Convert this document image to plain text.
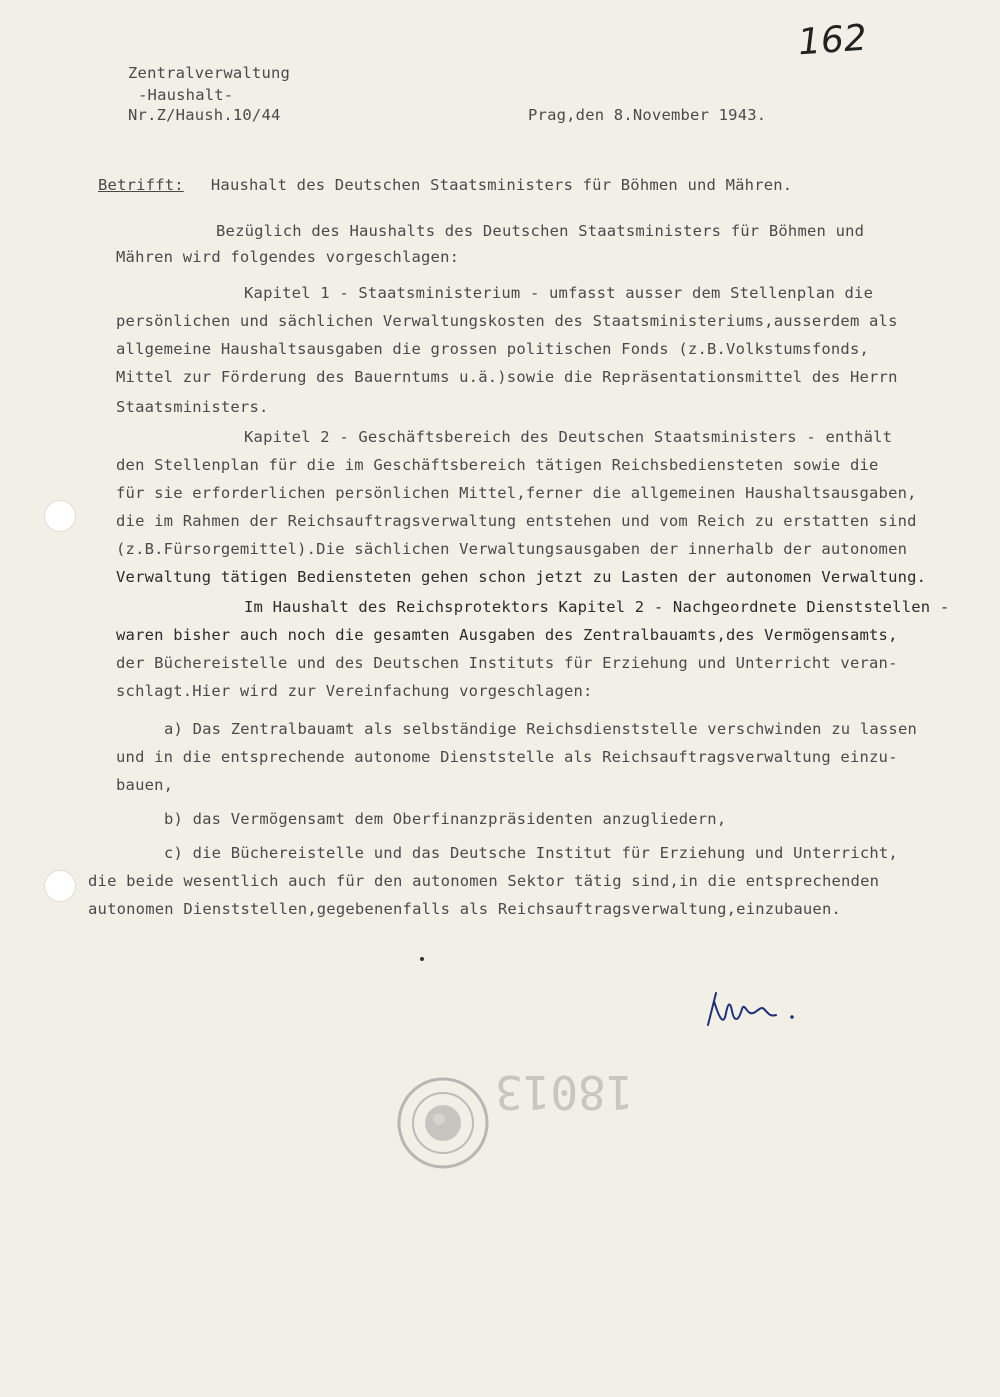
162
Zentralverwaltung
-Haushalt-
Nr.Z/Haush.10/44	Prag,den 8.November 1943.
Betrifft: Haushalt des Deutschen Staatsministers für Böhmen und Mähren.
Bezüglich des Haushalts des Deutschen Staatsministers für Böhmen und
Mähren wird folgendes vorgeschlagen:
Kapitel 1 - Staatsministerium - umfasst ausser dem Stellenplan die
persönlichen und sächlichen Verwaltungskosten des Staatsministeriums,ausserdem als
allgemeine Haushaltsausgaben die grossen politischen Fonds (z.B.Volkstumsfonds,
Mittel zur Förderung des Bauerntums u.ä.)sowie die Repräsentationsmittel des Herrn
Staatsministers.
Kapitel 2 - Geschäftsbereich des Deutschen Staatsministers - enthält
den Stellenplan für die im Geschäftsbereich tätigen Reichsbediensteten sowie die
für sie erforderlichen persönlichen Mittel,ferner die allgemeinen Haushaltsausgaben,
die im Rahmen der Reichsauftragsverwaltung entstehen und vom Reich zu erstatten sind
(z.B.Fürsorgemittel).Die sächlichen Verwaltungsausgaben der innerhalb der autonomen
Verwaltung tätigen Bediensteten gehen schon jetzt zu Lasten der autonomen Verwaltung.
Im Haushalt des Reichsprotektors Kapitel 2 - Nachgeordnete Dienststellen -
waren bisher auch noch die gesamten Ausgaben des Zentralbauamts,des Vermögensamts,
der Büchereistelle und des Deutschen Instituts für Erziehung und Unterricht veran-
schlagt.Hier wird zur Vereinfachung vorgeschlagen:
a) Das Zentralbauamt als selbständige Reichsdienststelle verschwinden zu lassen
und in die entsprechende autonome Dienststelle als Reichsauftragsverwaltung einzu-
bauen,
b) das Vermögensamt dem Oberfinanzpräsidenten anzugliedern,
c) die Büchereistelle und das Deutsche Institut für Erziehung und Unterricht,
die beide wesentlich auch für den autonomen Sektor tätig sind,in die entsprechenden
autonomen Dienststellen,gegebenenfalls als Reichsauftragsverwaltung,einzubauen.
18013
